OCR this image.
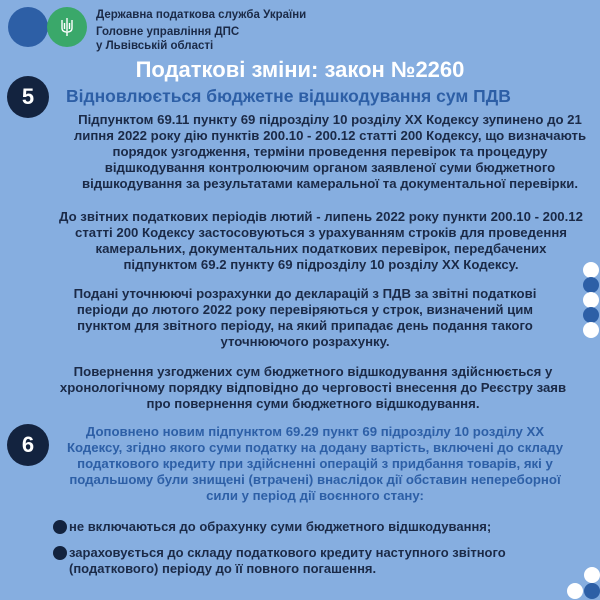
Державна податкова служба України
Головне управління ДПС
у Львівській області
Податкові зміни: закон №2260
5	Відновлюється бюджетне відшкодування сум ПДВ
Підпунктом 69.11 пункту 69 підрозділу 10 розділу XX Кодексу зупинено до 21 липня 2022 року дію пунктів 200.10 - 200.12 статті 200 Кодексу, що визначають порядок узгодження, терміни проведення перевірок та процедуру відшкодування контролюючим органом заявленої суми бюджетного відшкодування за результатами камеральної та документальної перевірки.
До звітних податкових періодів лютий - липень 2022 року пункти 200.10 - 200.12 статті 200 Кодексу застосовуються з урахуванням строків для проведення камеральних, документальних податкових перевірок, передбачених підпунктом 69.2 пункту 69 підрозділу 10 розділу XX Кодексу.
Подані уточнюючі розрахунки до декларацій з ПДВ за звітні податкові періоди до лютого 2022 року перевіряються у строк, визначений цим пунктом для звітного періоду, на який припадає день подання такого уточнюючого розрахунку.
Повернення узгоджених сум бюджетного відшкодування здійснюється у хронологічному порядку відповідно до черговості внесення до Реєстру заяв про повернення суми бюджетного відшкодування.
6
Доповнено новим підпунктом 69.29 пункт 69 підрозділу 10 розділу XX Кодексу, згідно якого суми податку на додану вартість, включені до складу податкового кредиту при здійсненні операцій з придбання товарів, які у подальшому були знищені (втрачені) внаслідок дії обставин непереборної сили у період дії воєнного стану:
не включаються до обрахунку суми бюджетного відшкодування;
зараховується до складу податкового кредиту наступного звітного (податкового) періоду до її повного погашення.
